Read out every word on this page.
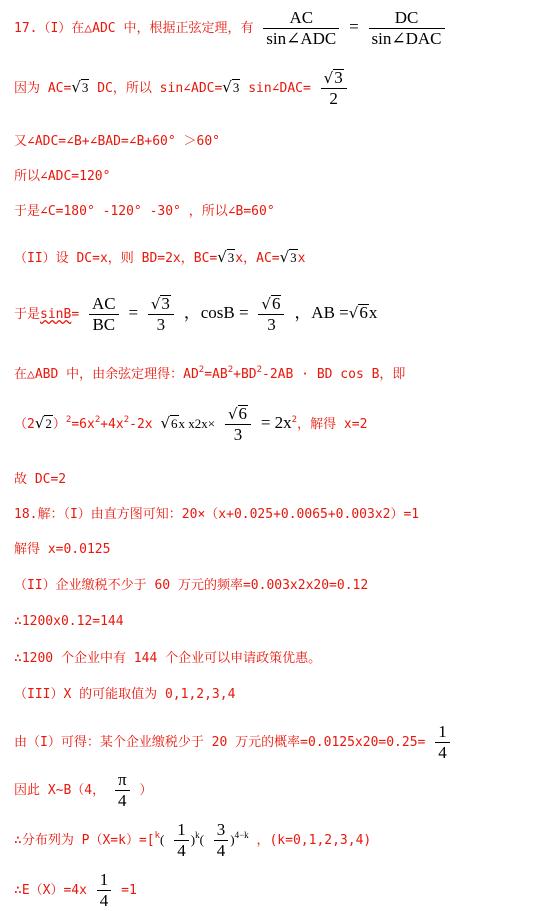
17.（I）在△ADC 中，根据正弦定理，有 $\frac{AC}{\text{sin∠ADC}} = \frac{DC}{\text{sin∠DAC}}$
因为 AC=√3 DC，所以 sin∠ADC=√3 sin∠DAC= $\frac{√3}{2}$
又∠ADC=∠B+∠BAD=∠B+60° ＞60°
所以∠ADC=120°
于是∠C=180° -120° -30° ，所以∠B=60°
（II）设 DC=x，则 BD=2x，BC=√3x，AC=√3x
于是$\sin B= \frac{AC}{BC} = \frac{√3}{3}$ ，$\cos B = \frac{√6}{3}$ ，AB =√6x
在△ABD 中，由余弦定理得：$AD^2=AB^2+BD^2-2AB$ · BD cos B，即
$(2√2)^2=6x^2+4x^2-2x$ √6x $x2x\times \frac{√6}{3} = 2x^2$，解得 x=2
故 DC=2
18.解：（I）由直方图可知：20×（x+0.025+0.0065+0.003x2）=1
解得 x=0.0125
（II）企业缴税不少于 60 万元的频率=0.003x2x20=0.12
∴1200x0.12=144
∴1200 个企业中有 144 个企业可以申请政策优惠。
（III）X 的可能取值为 0,1,2,3,4
由（I）可得：某个企业缴税少于 20 万元的概率$=0.0125x20=0.25= \frac{1}{4}$
因此 X~B（4， $\frac{\pi}{4}$ ）
∴分布列为 $P(X=k)=[^k( \frac{1}{4} )^k( \frac{3}{4} )^{4-k}$ ，(k=0,1,2,3,4)
∴E（X）=4x $\frac{1}{4} =1$
